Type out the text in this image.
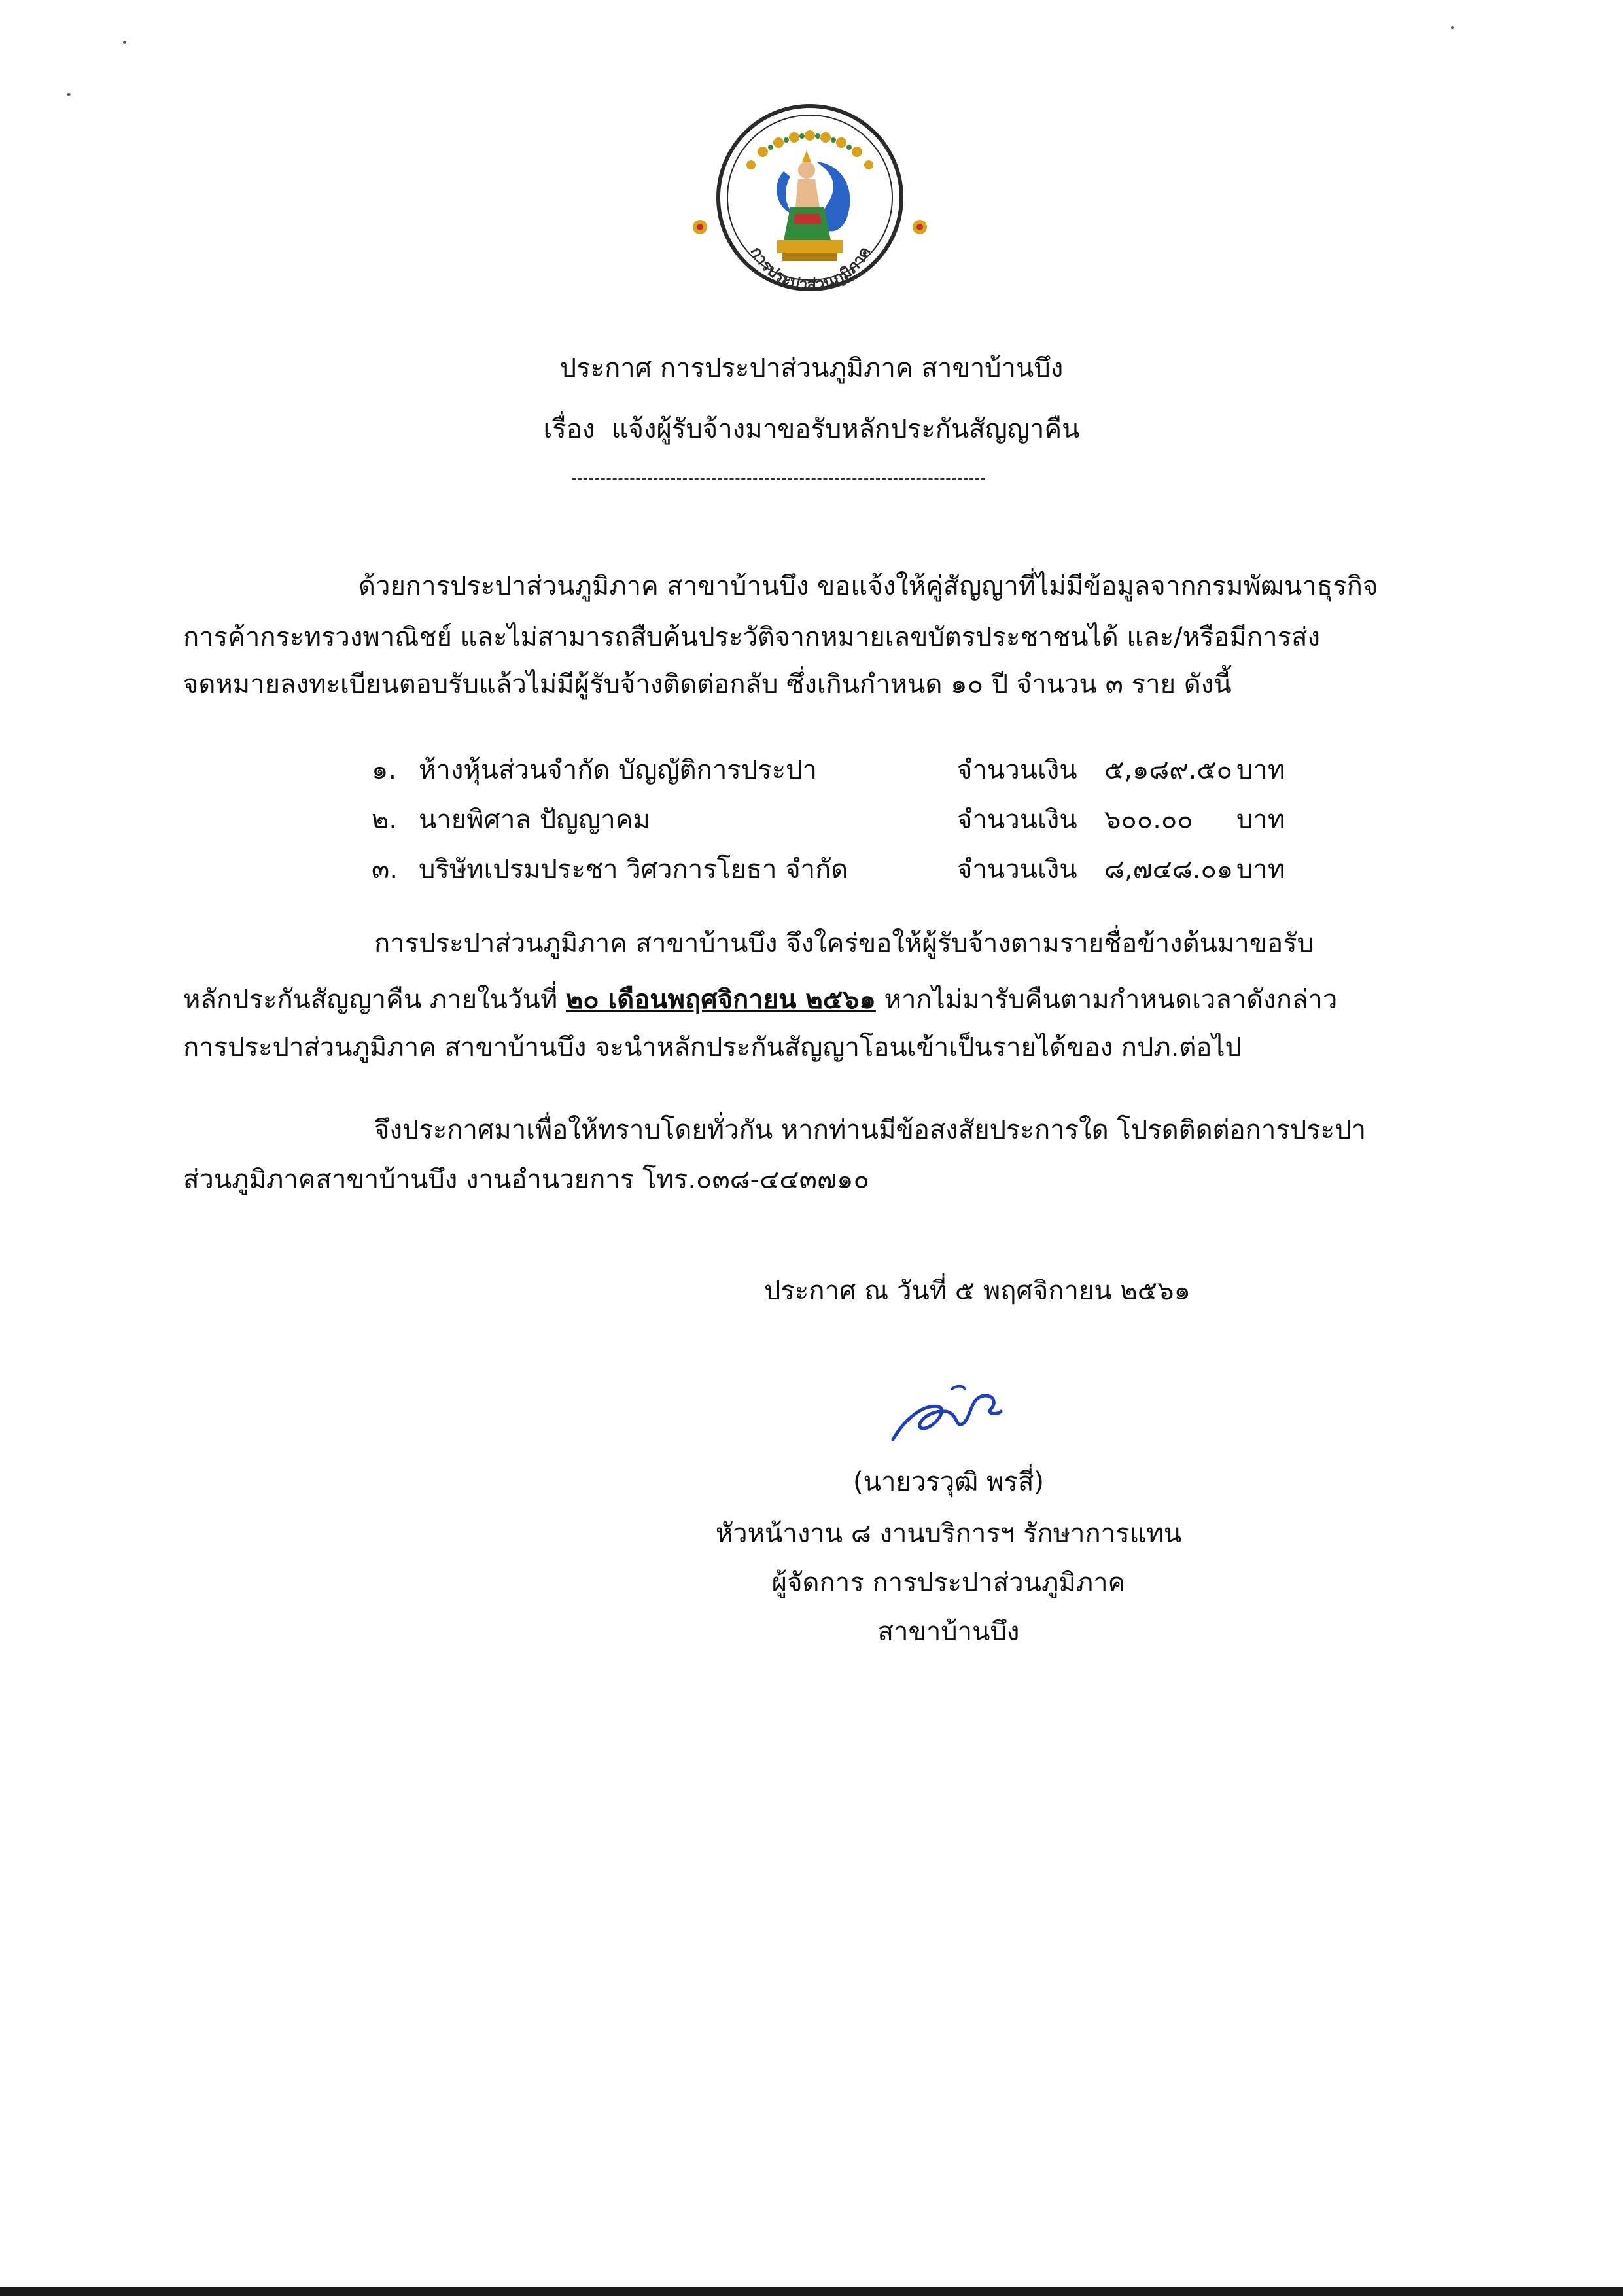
การประปาส่วนภูมิภาค
ประกาศ การประปาส่วนภูมิภาค สาขาบ้านบึง
เรื่อง แจ้งผู้รับจ้างมาขอรับหลักประกันสัญญาคืน
ด้วยการประปาส่วนภูมิภาค สาขาบ้านบึง ขอแจ้งให้คู่สัญญาที่ไม่มีข้อมูลจากกรมพัฒนาธุรกิจ
การค้ากระทรวงพาณิชย์ และไม่สามารถสืบค้นประวัติจากหมายเลขบัตรประชาชนได้ และ/หรือมีการส่ง
จดหมายลงทะเบียนตอบรับแล้วไม่มีผู้รับจ้างติดต่อกลับ ซึ่งเกินกำหนด ๑๐ ปี จำนวน ๓ ราย ดังนี้
๑. ห้างหุ้นส่วนจำกัด บัญญัติการประปา	จำนวนเงิน ๕,๑๘๙.๕๐ บาท
๒. นายพิศาล ปัญญาคม	จำนวนเงิน ๖๐๐.๐๐ บาท
๓. บริษัทเปรมประชา วิศวการโยธา จำกัด	จำนวนเงิน ๘,๗๔๘.๐๑ บาท
การประปาส่วนภูมิภาค สาขาบ้านบึง จึงใคร่ขอให้ผู้รับจ้างตามรายชื่อข้างต้นมาขอรับ
หลักประกันสัญญาคืน ภายในวันที่ ๒๐ เดือนพฤศจิกายน ๒๕๖๑ หากไม่มารับคืนตามกำหนดเวลาดังกล่าว
การประปาส่วนภูมิภาค สาขาบ้านบึง จะนำหลักประกันสัญญาโอนเข้าเป็นรายได้ของ กปภ.ต่อไป
จึงประกาศมาเพื่อให้ทราบโดยทั่วกัน หากท่านมีข้อสงสัยประการใด โปรดติดต่อการประปา
ส่วนภูมิภาคสาขาบ้านบึง งานอำนวยการ โทร.๐๓๘-๔๔๓๗๑๐
ประกาศ ณ วันที่ ๕ พฤศจิกายน ๒๕๖๑
(นายวรวุฒิ พรสี่)
หัวหน้างาน ๘ งานบริการฯ รักษาการแทน
ผู้จัดการ การประปาส่วนภูมิภาค
สาขาบ้านบึง
